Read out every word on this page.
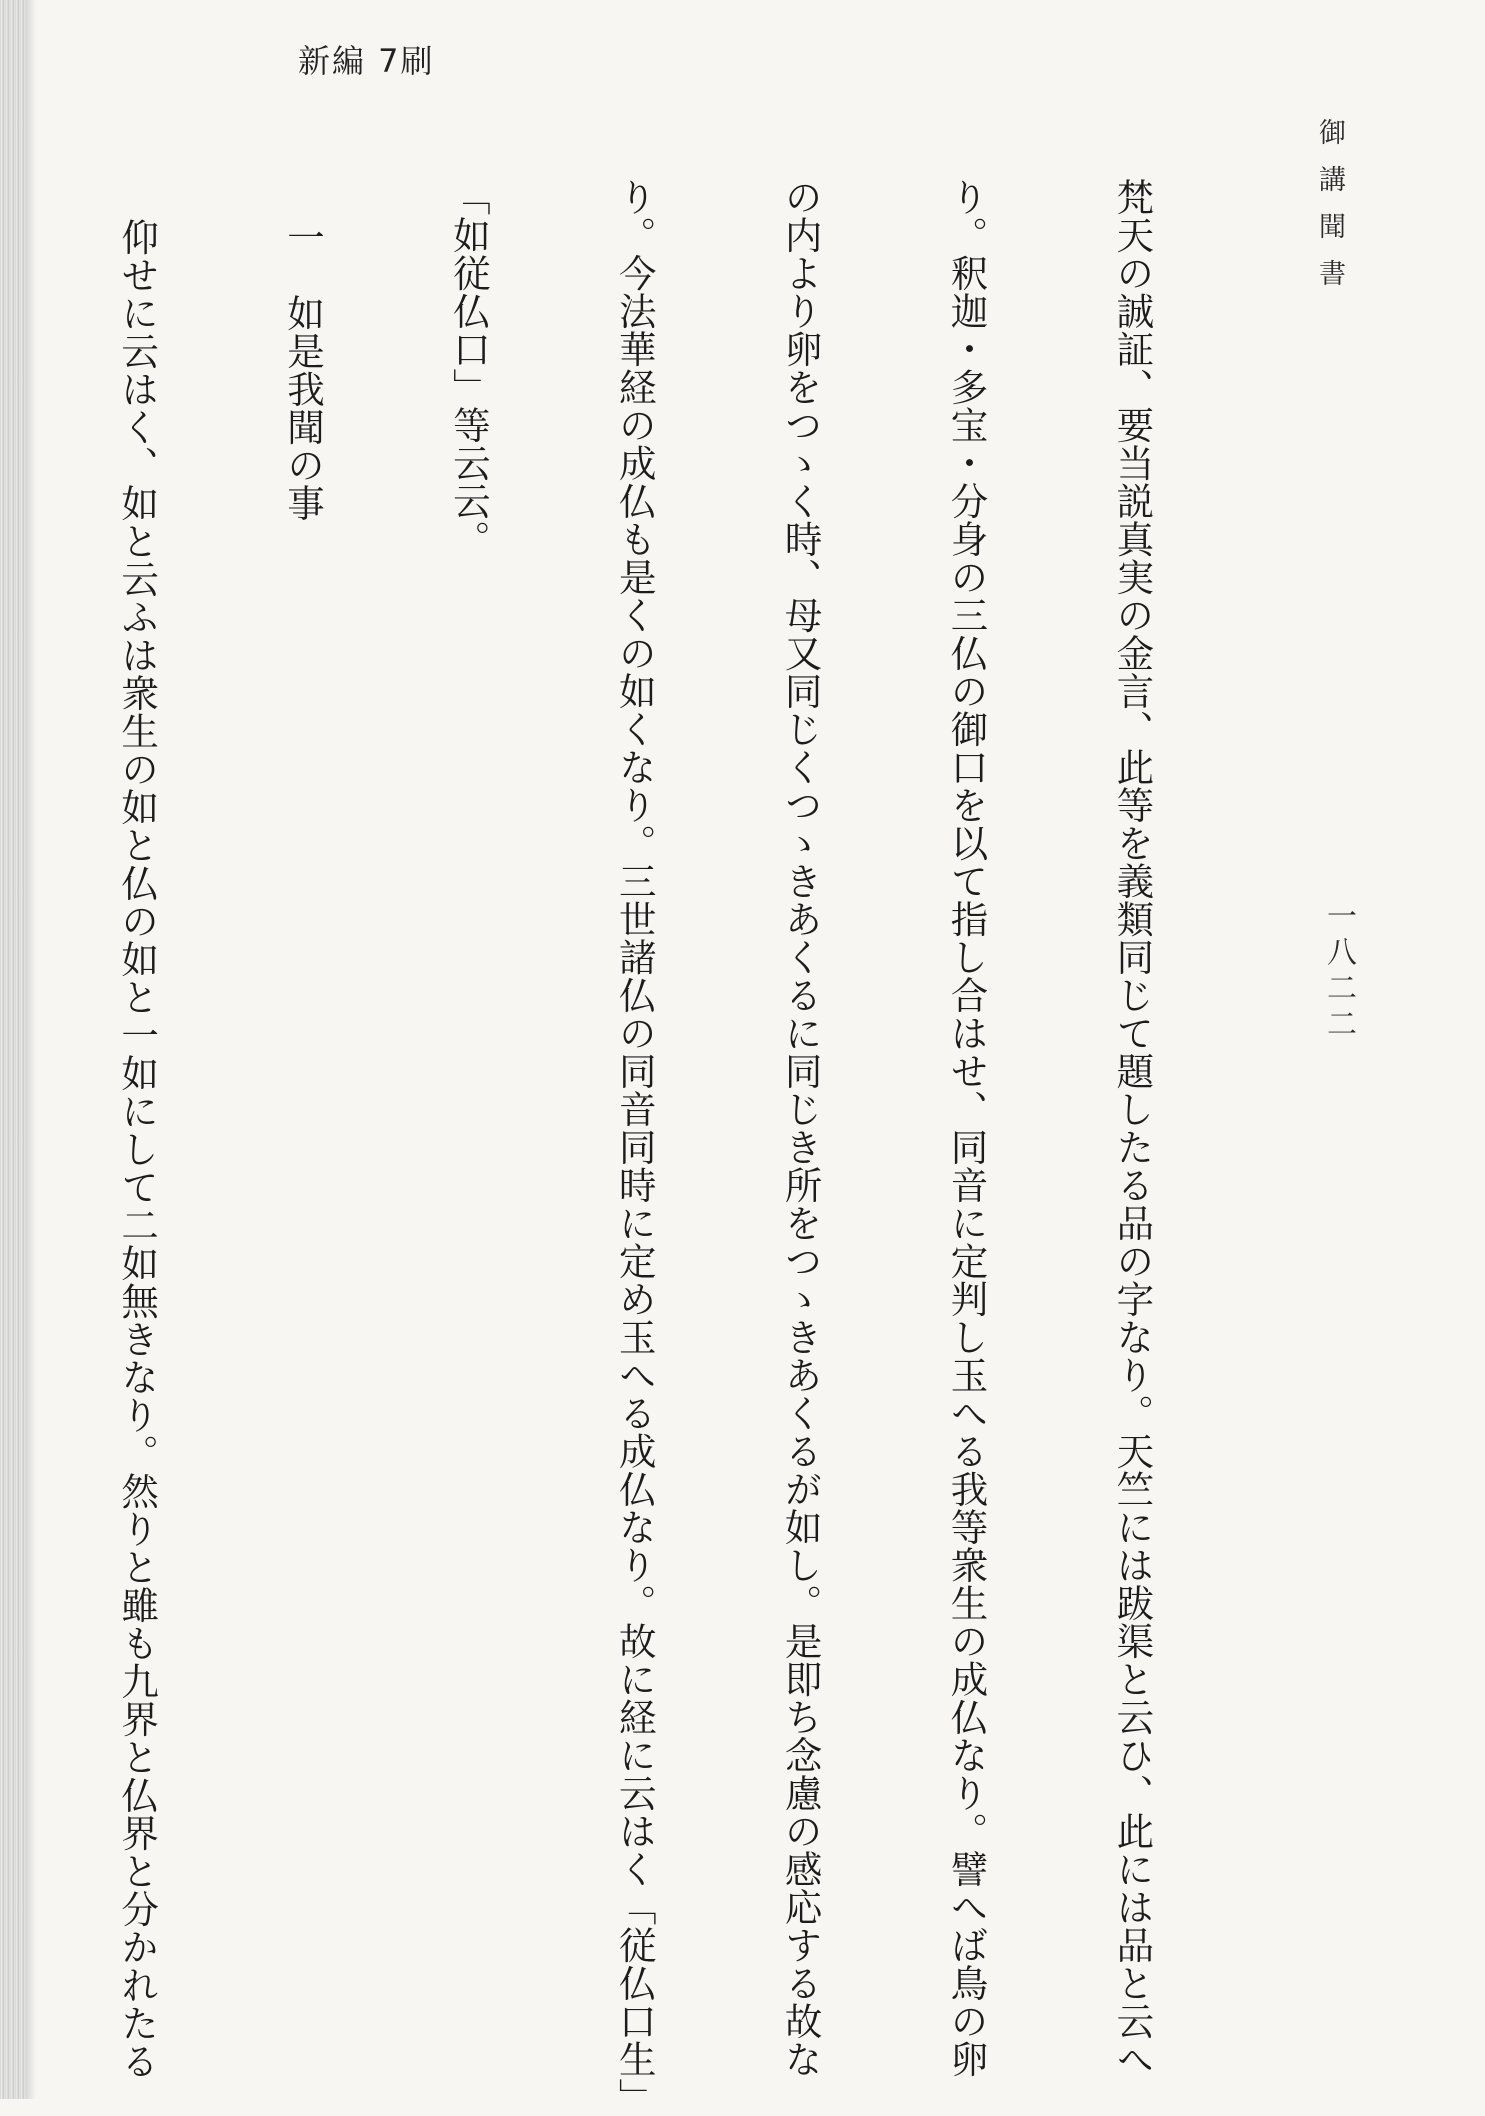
新編 7刷
御講聞書
一八二二

梵天の誠証、要当説真実の金言、此等を義類同じて題したる品の字なり。天竺には跋渠と云ひ、此には品と云へ

り。釈迦・多宝・分身の三仏の御口を以て指し合はせ、同音に定判し玉へる我等衆生の成仏なり。譬へば鳥の卵

の内より卵をつゝく時、母又同じくつゝきあくるに同じき所をつゝきあくるが如し。是即ち念慮の感応する故な

り。今法華経の成仏も是くの如くなり。三世諸仏の同音同時に定め玉へる成仏なり。故に経に云はく「従仏口生」

「如従仏口」等云云。

一　如是我聞の事

仰せに云はく、如と云ふは衆生の如と仏の如と一如にして二如無きなり。然りと雖も九界と仏界と分かれたる
